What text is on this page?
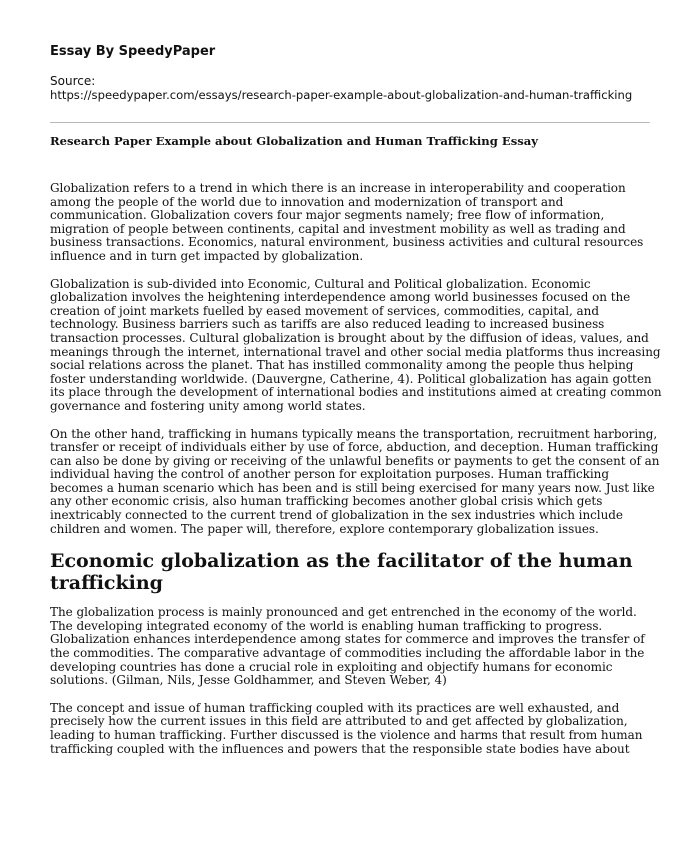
Essay By SpeedyPaper

Source:

https://speedypaper.com/essays/research-paper-example-about-globalization-and-human-trafficking

Research Paper Example about Globalization and Human Trafficking Essay

Globalization refers to a trend in which there is an increase in interoperability and cooperation among the people of the world due to innovation and modernization of transport and communication. Globalization covers four major segments namely; free flow of information, migration of people between continents, capital and investment mobility as well as trading and business transactions. Economics, natural environment, business activities and cultural resources influence and in turn get impacted by globalization.

Globalization is sub-divided into Economic, Cultural and Political globalization. Economic globalization involves the heightening interdependence among world businesses focused on the creation of joint markets fuelled by eased movement of services, commodities, capital, and technology. Business barriers such as tariffs are also reduced leading to increased business transaction processes. Cultural globalization is brought about by the diffusion of ideas, values, and meanings through the internet, international travel and other social media platforms thus increasing social relations across the planet. That has instilled commonality among the people thus helping foster understanding worldwide. (Dauvergne, Catherine, 4). Political globalization has again gotten its place through the development of international bodies and institutions aimed at creating common governance and fostering unity among world states.

On the other hand, trafficking in humans typically means the transportation, recruitment harboring, transfer or receipt of individuals either by use of force, abduction, and deception. Human trafficking can also be done by giving or receiving of the unlawful benefits or payments to get the consent of an individual having the control of another person for exploitation purposes. Human trafficking becomes a human scenario which has been and is still being exercised for many years now. Just like any other economic crisis, also human trafficking becomes another global crisis which gets inextricably connected to the current trend of globalization in the sex industries which include children and women. The paper will, therefore, explore contemporary globalization issues.

Economic globalization as the facilitator of the human trafficking

The globalization process is mainly pronounced and get entrenched in the economy of the world. The developing integrated economy of the world is enabling human trafficking to progress. Globalization enhances interdependence among states for commerce and improves the transfer of the commodities. The comparative advantage of commodities including the affordable labor in the developing countries has done a crucial role in exploiting and objectify humans for economic solutions. (Gilman, Nils, Jesse Goldhammer, and Steven Weber, 4)

The concept and issue of human trafficking coupled with its practices are well exhausted, and precisely how the current issues in this field are attributed to and get affected by globalization, leading to human trafficking. Further discussed is the violence and harms that result from human trafficking coupled with the influences and powers that the responsible state bodies have about
